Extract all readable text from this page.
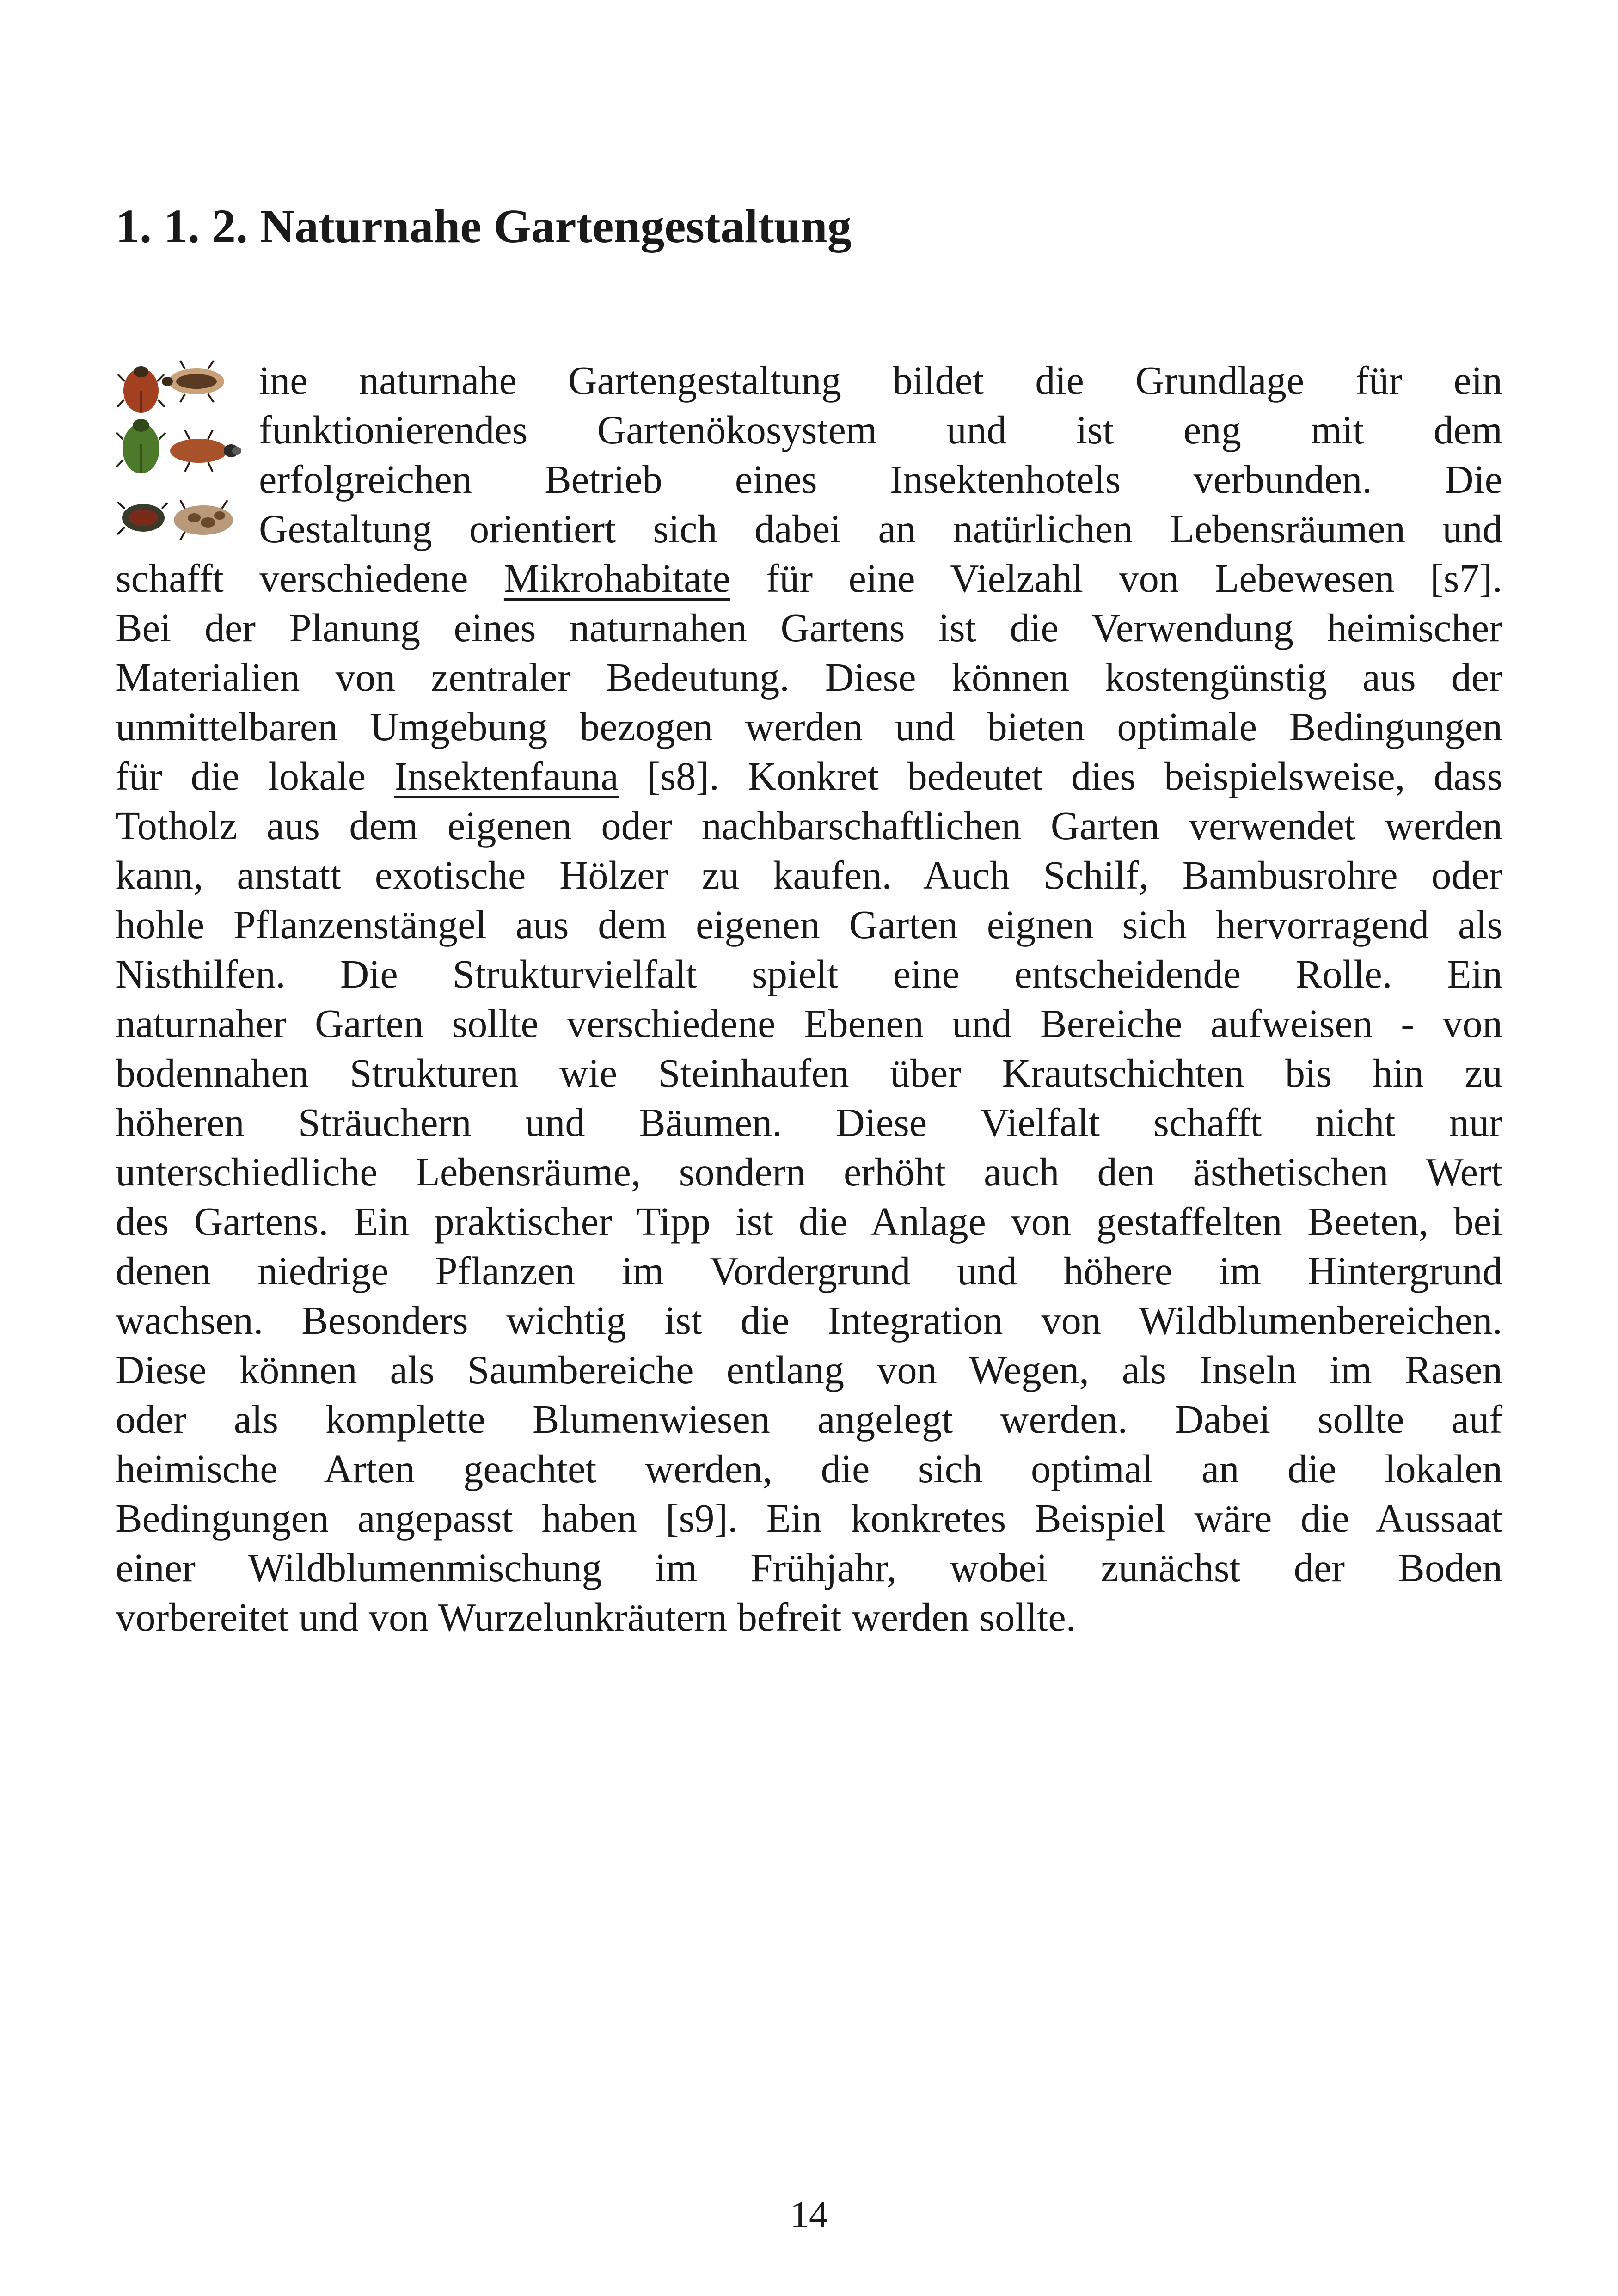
1. 1. 2. Naturnahe Gartengestaltung
ine naturnahe Gartengestaltung bildet die Grundlage für ein
funktionierendes Gartenökosystem und ist eng mit dem
erfolgreichen Betrieb eines Insektenhotels verbunden. Die
Gestaltung orientiert sich dabei an natürlichen Lebensräumen und
schafft verschiedene Mikrohabitate für eine Vielzahl von Lebewesen [s7].
Bei der Planung eines naturnahen Gartens ist die Verwendung heimischer
Materialien von zentraler Bedeutung. Diese können kostengünstig aus der
unmittelbaren Umgebung bezogen werden und bieten optimale Bedingungen
für die lokale Insektenfauna [s8]. Konkret bedeutet dies beispielsweise, dass
Totholz aus dem eigenen oder nachbarschaftlichen Garten verwendet werden
kann, anstatt exotische Hölzer zu kaufen. Auch Schilf, Bambusrohre oder
hohle Pflanzenstängel aus dem eigenen Garten eignen sich hervorragend als
Nisthilfen. Die Strukturvielfalt spielt eine entscheidende Rolle. Ein
naturnaher Garten sollte verschiedene Ebenen und Bereiche aufweisen - von
bodennahen Strukturen wie Steinhaufen über Krautschichten bis hin zu
höheren Sträuchern und Bäumen. Diese Vielfalt schafft nicht nur
unterschiedliche Lebensräume, sondern erhöht auch den ästhetischen Wert
des Gartens. Ein praktischer Tipp ist die Anlage von gestaffelten Beeten, bei
denen niedrige Pflanzen im Vordergrund und höhere im Hintergrund
wachsen. Besonders wichtig ist die Integration von Wildblumenbereichen.
Diese können als Saumbereiche entlang von Wegen, als Inseln im Rasen
oder als komplette Blumenwiesen angelegt werden. Dabei sollte auf
heimische Arten geachtet werden, die sich optimal an die lokalen
Bedingungen angepasst haben [s9]. Ein konkretes Beispiel wäre die Aussaat
einer Wildblumenmischung im Frühjahr, wobei zunächst der Boden
vorbereitet und von Wurzelunkräutern befreit werden sollte.
14
